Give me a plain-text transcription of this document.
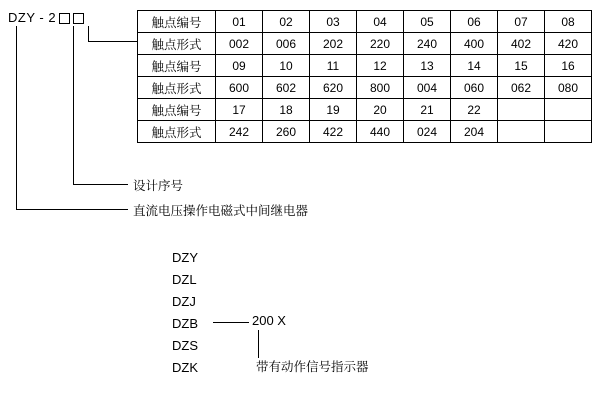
DZY - 2	触点编号	01	02	03	04	05	06	07	08
触点形式	002	006	202	220	240	400	402	420
触点编号	09	10	11	12	13	14	15	16
触点形式	600	602	620	800	004	060	062	080
触点编号	17	18	19	20	21	22		
触点形式	242	260	422	440	024	204		
设计序号
直流电压操作电磁式中间继电器
DZY
DZL
DZJ
DZB
DZS
DZK
200 X
带有动作信号指示器
